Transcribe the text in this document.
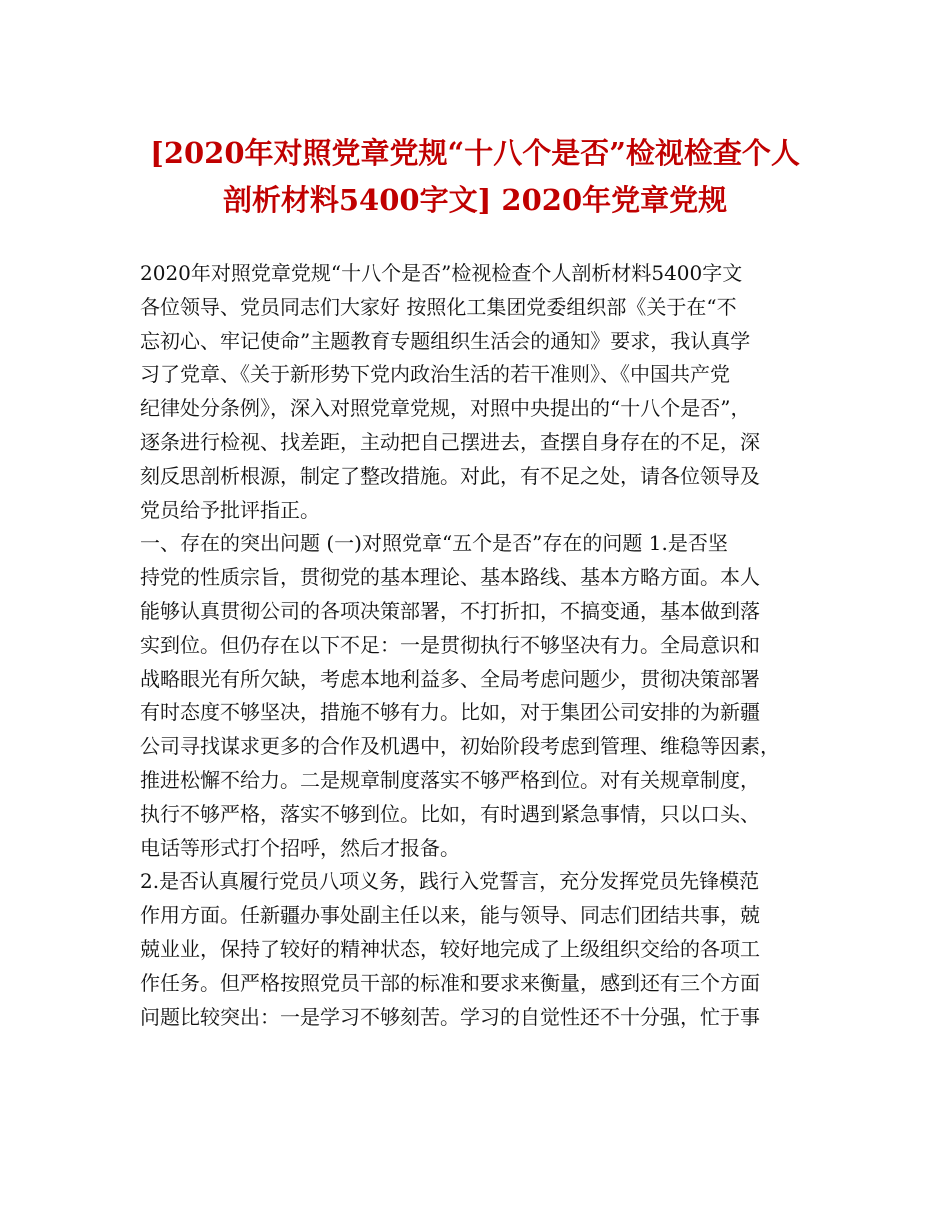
[2020年对照党章党规“十八个是否”检视检查个人
剖析材料5400字文] 2020年党章党规
2020年对照党章党规“十八个是否”检视检查个人剖析材料5400字文
各位领导、党员同志们大家好 按照化工集团党委组织部《关于在“不
忘初心、牢记使命”主题教育专题组织生活会的通知》要求，我认真学
习了党章、《关于新形势下党内政治生活的若干准则》、《中国共产党
纪律处分条例》，深入对照党章党规，对照中央提出的“十八个是否”，
逐条进行检视、找差距，主动把自己摆进去，查摆自身存在的不足，深
刻反思剖析根源，制定了整改措施。对此，有不足之处，请各位领导及
党员给予批评指正。
一、存在的突出问题 (一)对照党章“五个是否”存在的问题 1.是否坚
持党的性质宗旨，贯彻党的基本理论、基本路线、基本方略方面。本人
能够认真贯彻公司的各项决策部署，不打折扣，不搞变通，基本做到落
实到位。但仍存在以下不足：一是贯彻执行不够坚决有力。全局意识和
战略眼光有所欠缺，考虑本地利益多、全局考虑问题少，贯彻决策部署
有时态度不够坚决，措施不够有力。比如，对于集团公司安排的为新疆
公司寻找谋求更多的合作及机遇中，初始阶段考虑到管理、维稳等因素，
推进松懈不给力。二是规章制度落实不够严格到位。对有关规章制度，
执行不够严格，落实不够到位。比如，有时遇到紧急事情，只以口头、
电话等形式打个招呼，然后才报备。
2.是否认真履行党员八项义务，践行入党誓言，充分发挥党员先锋模范
作用方面。任新疆办事处副主任以来，能与领导、同志们团结共事，兢
兢业业，保持了较好的精神状态，较好地完成了上级组织交给的各项工
作任务。但严格按照党员干部的标准和要求来衡量，感到还有三个方面
问题比较突出：一是学习不够刻苦。学习的自觉性还不十分强，忙于事
